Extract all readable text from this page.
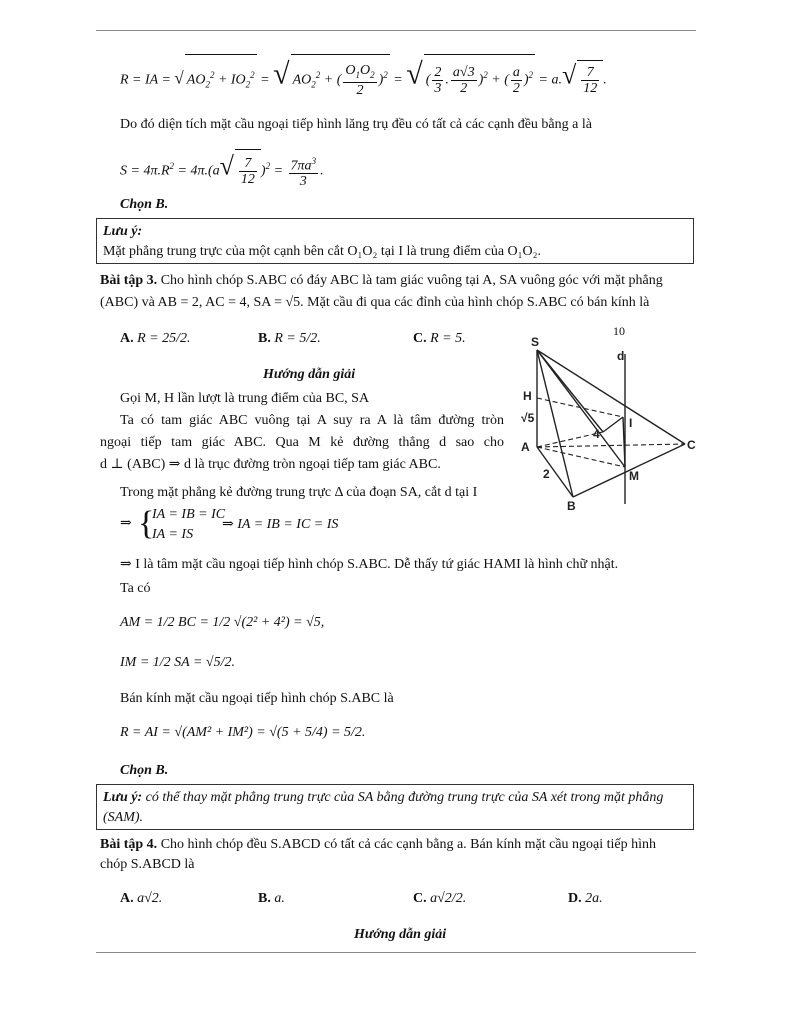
R = IA = √ $AO_2^2 + IO_2^2$ = √ $AO_2^2$ + ( $\frac{O_1O_2}{2} )^2$ = √ ( $\frac{2}{3}$ . $\frac{a√3}{2} )^2$ + ( $\frac{a}{2} )^2 = a.√ \frac{7}{12}$ .
Do đó diện tích mặt cầu ngoại tiếp hình lăng trụ đều có tất cả các cạnh đều bằng a là
$S = 4\pi.R^2 = 4\pi.(a√ \frac{7}{12} )^2 = \frac{7\pi a^3}{3}$ .
Chọn B.
Lưu ý:
Mặt phẳng trung trực của một cạnh bên cắt O₁O₂ tại I là trung điểm của O₁O₂.
Bài tập 3. Cho hình chóp S.ABC có đáy ABC là tam giác vuông tại A, SA vuông góc với mặt phẳng
(ABC) và AB = 2, AC = 4, SA = √5. Mặt cầu đi qua các đỉnh của hình chóp S.ABC có bán kính là
A. R = 25/2.	B. R = 5/2.	C. R = 5.	10
Hướng dẫn giải
Gọi M, H lần lượt là trung điểm của BC, SA
Ta có tam giác ABC vuông tại A suy ra A là tâm đường tròn
ngoại tiếp tam giác ABC. Qua M kẻ đường thẳng d sao cho
d ⊥ (ABC) ⇒ d là trục đường tròn ngoại tiếp tam giác ABC.
Trong mặt phẳng kẻ đường trung trực Δ của đoạn SA, cắt d tại I
⇒ {
IA = IB = IC
IA = IS
⇒ IA = IB = IC = IS
⇒ I là tâm mặt cầu ngoại tiếp hình chóp S.ABC. Dễ thấy tứ giác HAMI là hình chữ nhật.
Ta có
AM = 1/2 BC = 1/2 √(2² + 4²) = √5,
IM = 1/2 SA = √5/2.
Bán kính mặt cầu ngoại tiếp hình chóp S.ABC là
R = AI = √(AM² + IM²) = √(5 + 5/4) = 5/2.
Chọn B.
S
H
A
B
C
M
I
d
√5
4
2
Lưu ý: có thể thay mặt phẳng trung trực của SA bằng đường trung trực của SA xét trong mặt phẳng
(SAM).
Bài tập 4. Cho hình chóp đều S.ABCD có tất cả các cạnh bằng a. Bán kính mặt cầu ngoại tiếp hình
chóp S.ABCD là
A. a√2.	B. a.	C. a√2/2.	D. 2a.
Hướng dẫn giải
